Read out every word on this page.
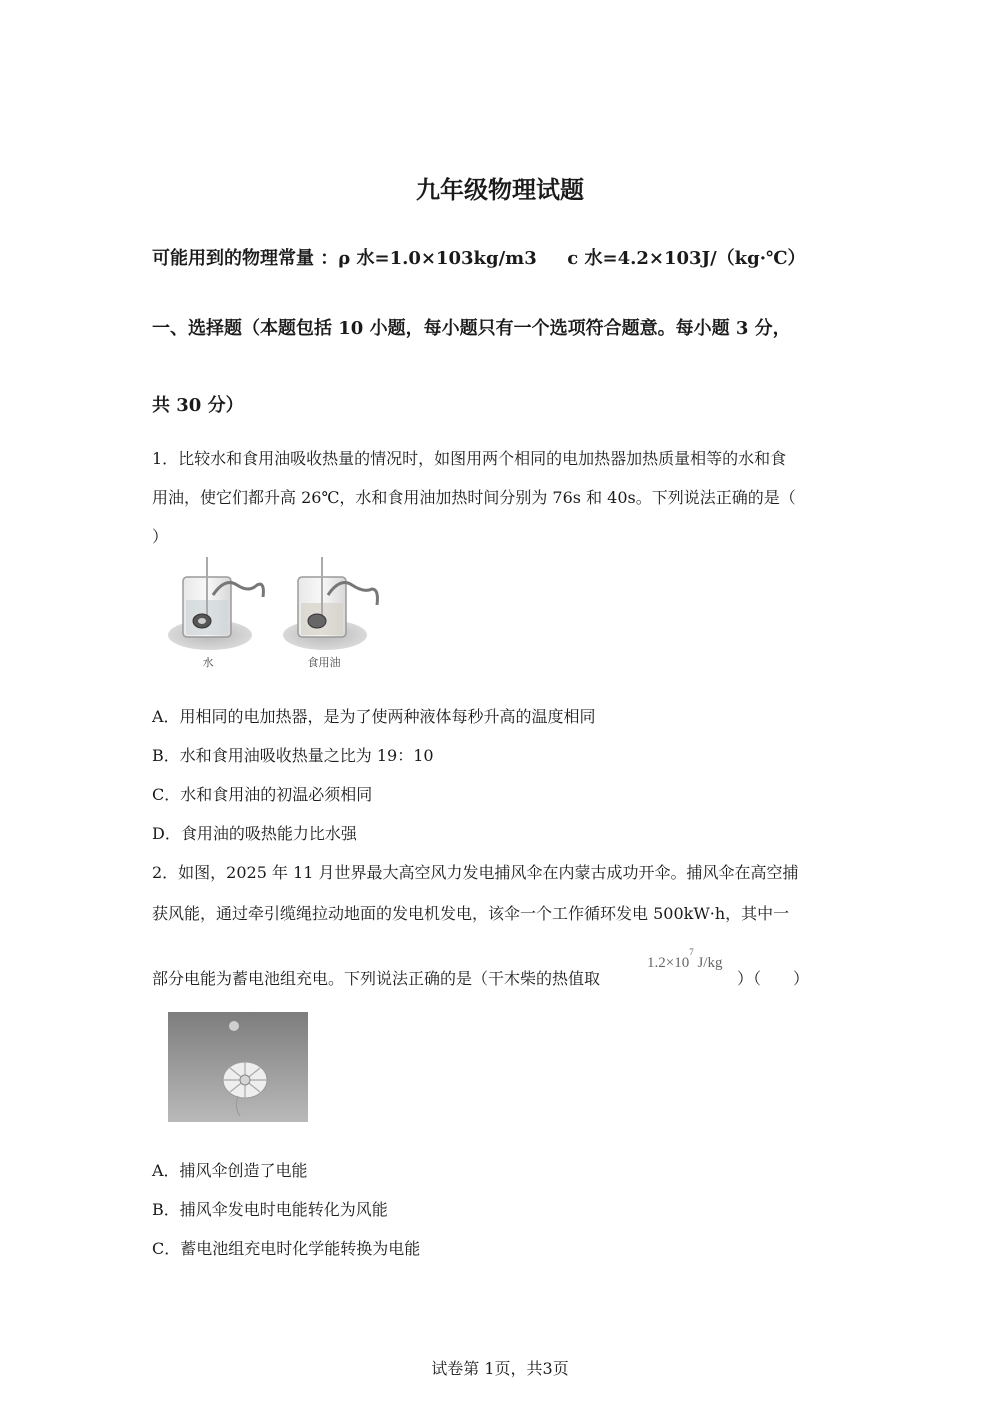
九年级物理试题
可能用到的物理常量 ：ρ 水=1.0×103kg/m3 　 c 水=4.2×103J/（kg·℃）
一、选择题（本题包括 10 小题，每小题只有一个选项符合题意。每小题 3 分，
共 30 分）
1．比较水和食用油吸收热量的情况时，如图用两个相同的电加热器加热质量相等的水和食
用油，使它们都升高 26℃，水和食用油加热时间分别为 76s 和 40s。下列说法正确的是（
）
水	食用油
A．用相同的电加热器，是为了使两种液体每秒升高的温度相同
B．水和食用油吸收热量之比为 19：10
C．水和食用油的初温必须相同
D．食用油的吸热能力比水强
2．如图，2025 年 11 月世界最大高空风力发电捕风伞在内蒙古成功开伞。捕风伞在高空捕
获风能，通过牵引缆绳拉动地面的发电机发电，该伞一个工作循环发电 500kW·h，其中一
部分电能为蓄电池组充电。下列说法正确的是（干木柴的热值取
$1.2\times 10^7$ J/kg
）（　　）
A．捕风伞创造了电能
B．捕风伞发电时电能转化为风能
C．蓄电池组充电时化学能转换为电能
试卷第 1页，共3页
